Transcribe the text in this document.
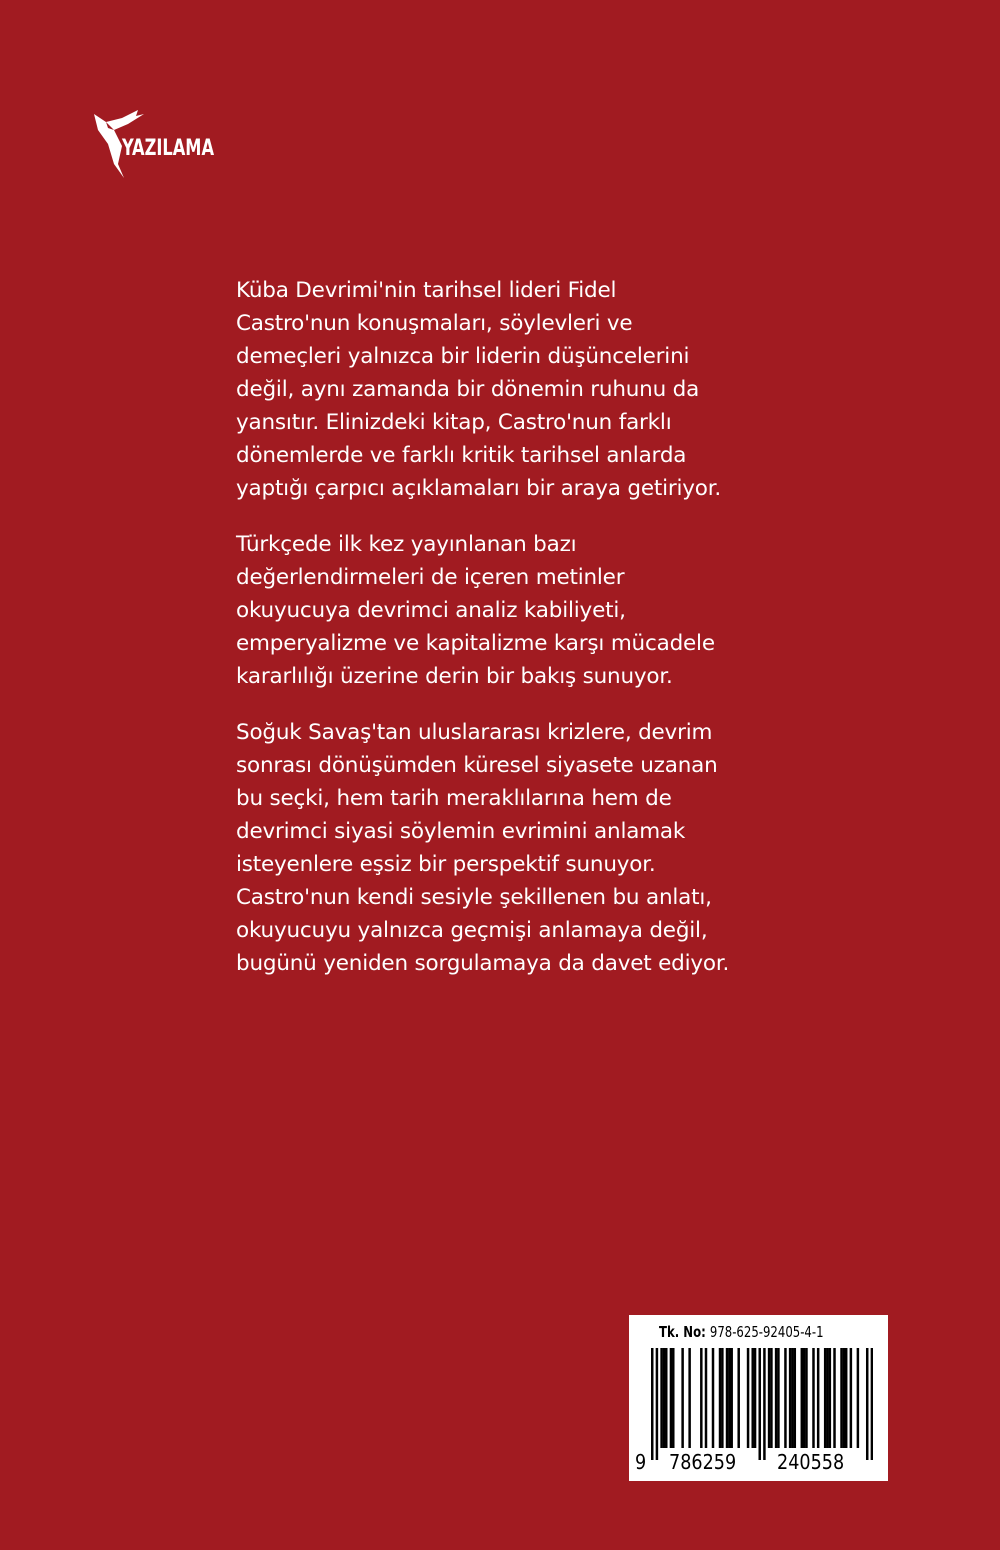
YAZILAMA

Küba Devrimi'nin tarihsel lideri Fidel
Castro'nun konuşmaları, söylevleri ve
demeçleri yalnızca bir liderin düşüncelerini
değil, aynı zamanda bir dönemin ruhunu da
yansıtır. Elinizdeki kitap, Castro'nun farklı
dönemlerde ve farklı kritik tarihsel anlarda
yaptığı çarpıcı açıklamaları bir araya getiriyor.

Türkçede ilk kez yayınlanan bazı
değerlendirmeleri de içeren metinler
okuyucuya devrimci analiz kabiliyeti,
emperyalizme ve kapitalizme karşı mücadele
kararlılığı üzerine derin bir bakış sunuyor.

Soğuk Savaş'tan uluslararası krizlere, devrim
sonrası dönüşümden küresel siyasete uzanan
bu seçki, hem tarih meraklılarına hem de
devrimci siyasi söylemin evrimini anlamak
isteyenlere eşsiz bir perspektif sunuyor.
Castro'nun kendi sesiyle şekillenen bu anlatı,
okuyucuyu yalnızca geçmişi anlamaya değil,
bugünü yeniden sorgulamaya da davet ediyor.

Tk. No: 978-625-92405-4-1
9 786259 240558
